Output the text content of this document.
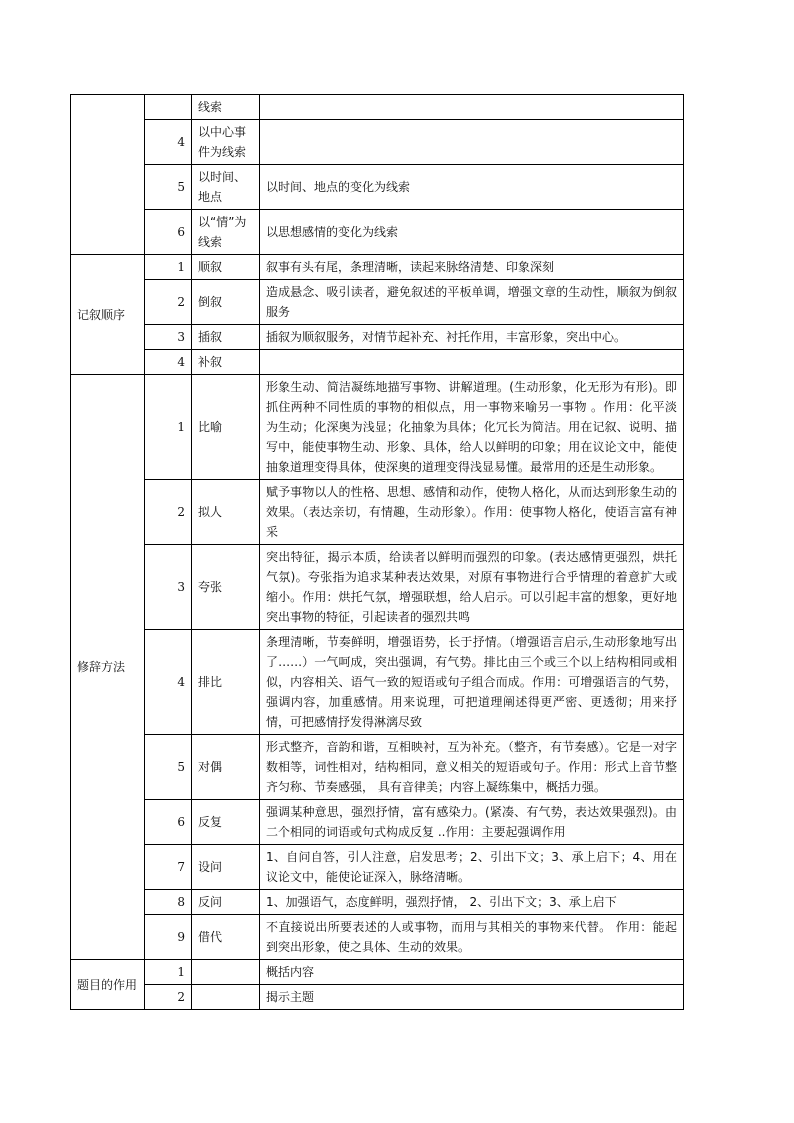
		线索	
	4	以中心事件为线索	
	5	以时间、地点	以时间、地点的变化为线索
	6	以“情”为线索	以思想感情的变化为线索
记叙顺序	1	顺叙	叙事有头有尾，条理清晰，读起来脉络清楚、印象深刻
	2	倒叙	造成悬念、吸引读者，避免叙述的平板单调，增强文章的生动性，顺叙为倒叙服务
	3	插叙	插叙为顺叙服务，对情节起补充、衬托作用，丰富形象，突出中心。
	4	补叙	
修辞方法	1	比喻	形象生动、简洁凝练地描写事物、讲解道理。(生动形象，化无形为有形)。即抓住两种不同性质的事物的相似点，用一事物来喻另一事物 。作用：化平淡为生动；化深奥为浅显；化抽象为具体；化冗长为简洁。用在记叙、说明、描写中，能使事物生动、形象、具体，给人以鲜明的印象；用在议论文中，能使抽象道理变得具体，使深奥的道理变得浅显易懂。最常用的还是生动形象。
	2	拟人	赋予事物以人的性格、思想、感情和动作，使物人格化，从而达到形象生动的效果。（表达亲切，有情趣，生动形象）。作用：使事物人格化，使语言富有神采
	3	夸张	突出特征，揭示本质，给读者以鲜明而强烈的印象。(表达感情更强烈，烘托气氛)。夸张指为追求某种表达效果，对原有事物进行合乎情理的着意扩大或缩小。作用：烘托气氛，增强联想，给人启示。可以引起丰富的想象，更好地突出事物的特征，引起读者的强烈共鸣
	4	排比	条理清晰，节奏鲜明，增强语势，长于抒情。（增强语言启示,生动形象地写出了……）一气呵成，突出强调，有气势。排比由三个或三个以上结构相同或相似，内容相关、语气一致的短语或句子组合而成。作用：可增强语言的气势，强调内容，加重感情。用来说理，可把道理阐述得更严密、更透彻；用来抒情，可把感情抒发得淋漓尽致
	5	对偶	形式整齐，音韵和谐，互相映衬，互为补充。（整齐，有节奏感）。它是一对字数相等，词性相对，结构相同，意义相关的短语或句子。作用：形式上音节整齐匀称、节奏感强， 具有音律美；内容上凝练集中，概括力强。
	6	反复	强调某种意思，强烈抒情，富有感染力。(紧凑、有气势，表达效果强烈)。由二个相同的词语或句式构成反复 ..作用：主要起强调作用
	7	设问	1、自问自答，引人注意，启发思考；2、引出下文；3、承上启下；4、用在议论文中，能使论证深入，脉络清晰。
	8	反问	1、加强语气，态度鲜明，强烈抒情， 2、引出下文；3、承上启下
	9	借代	不直接说出所要表述的人或事物，而用与其相关的事物来代替。 作用：能起到突出形象，使之具体、生动的效果。
题目的作用	1		概括内容
	2		揭示主题
